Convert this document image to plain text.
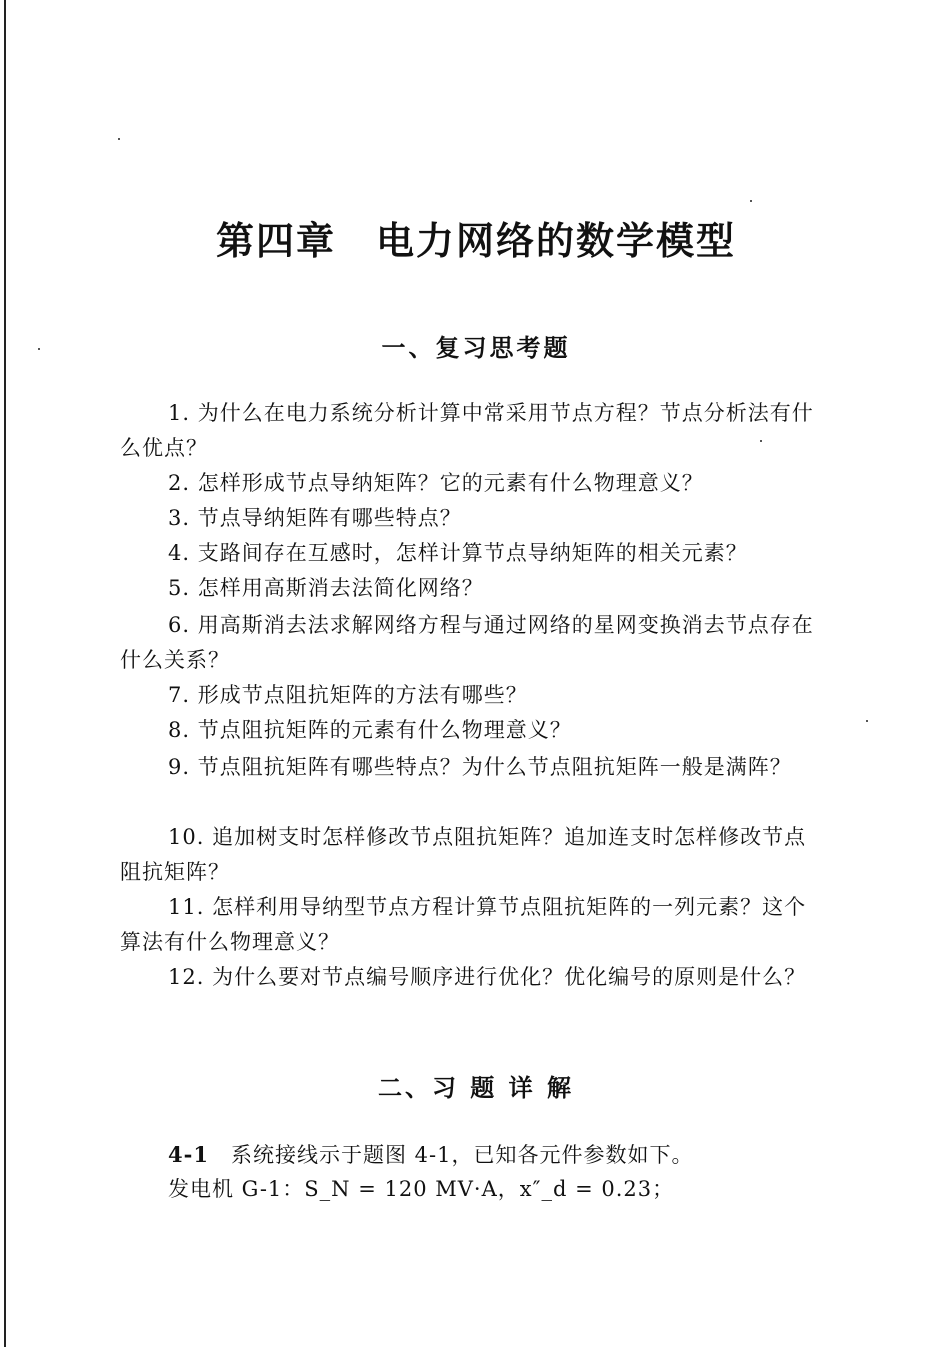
第四章 电力网络的数学模型
一、复习思考题
1. 为什么在电力系统分析计算中常采用节点方程？节点分析法有什么优点？
2. 怎样形成节点导纳矩阵？它的元素有什么物理意义？
3. 节点导纳矩阵有哪些特点？
4. 支路间存在互感时，怎样计算节点导纳矩阵的相关元素？
5. 怎样用高斯消去法简化网络？
6. 用高斯消去法求解网络方程与通过网络的星网变换消去节点存在什么关系？
7. 形成节点阻抗矩阵的方法有哪些？
8. 节点阻抗矩阵的元素有什么物理意义？
9. 节点阻抗矩阵有哪些特点？为什么节点阻抗矩阵一般是满阵？
10. 追加树支时怎样修改节点阻抗矩阵？追加连支时怎样修改节点阻抗矩阵？
11. 怎样利用导纳型节点方程计算节点阻抗矩阵的一列元素？这个算法有什么物理意义？
12. 为什么要对节点编号顺序进行优化？优化编号的原则是什么？
二、习 题 详 解
4-1 系统接线示于题图 4-1，已知各元件参数如下。
发电机 G-1：S_N = 120 MV·A，x″_d = 0.23；
